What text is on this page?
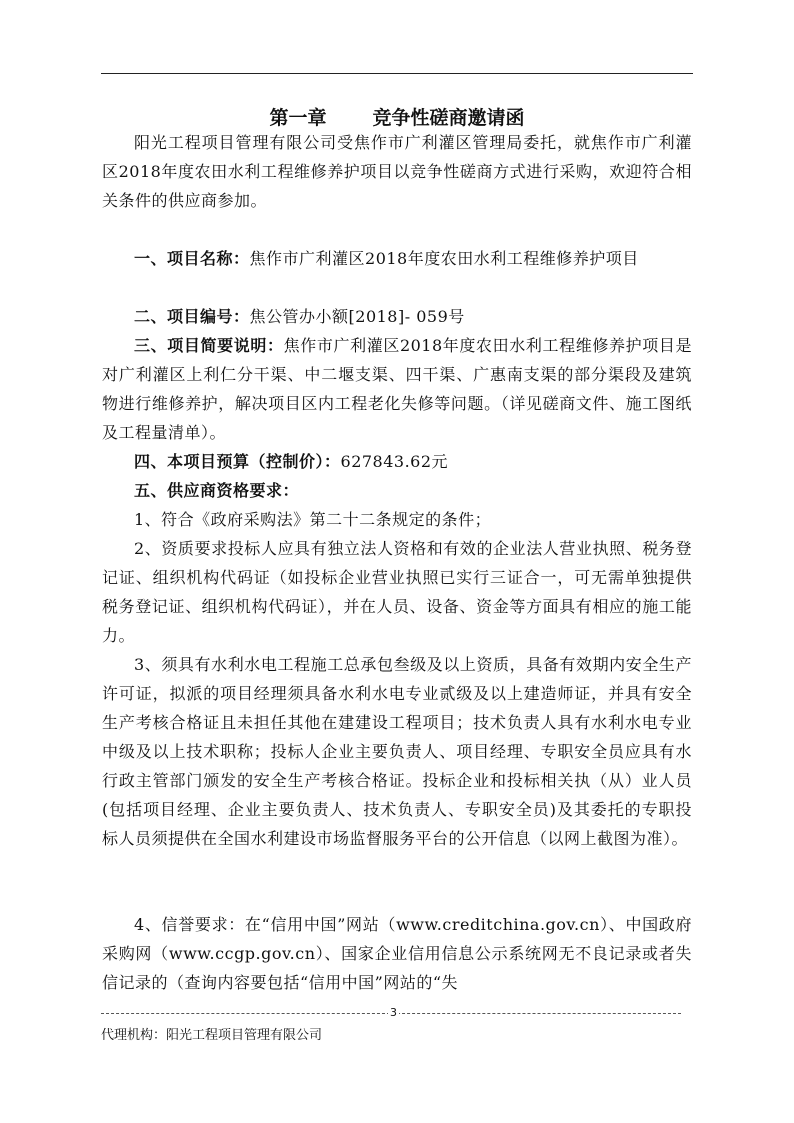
第一章 竞争性磋商邀请函

阳光工程项目管理有限公司受焦作市广利灌区管理局委托，就焦作市广利灌区2018年度农田水利工程维修养护项目以竞争性磋商方式进行采购，欢迎符合相关条件的供应商参加。

一、项目名称：焦作市广利灌区2018年度农田水利工程维修养护项目

二、项目编号：焦公管办小额[2018]- 059号

三、项目简要说明：焦作市广利灌区2018年度农田水利工程维修养护项目是对广利灌区上利仁分干渠、中二堰支渠、四干渠、广惠南支渠的部分渠段及建筑物进行维修养护，解决项目区内工程老化失修等问题。（详见磋商文件、施工图纸及工程量清单）。

四、本项目预算（控制价）：627843.62元

五、供应商资格要求：

1、符合《政府采购法》第二十二条规定的条件；

2、资质要求投标人应具有独立法人资格和有效的企业法人营业执照、税务登记证、组织机构代码证（如投标企业营业执照已实行三证合一，可无需单独提供税务登记证、组织机构代码证），并在人员、设备、资金等方面具有相应的施工能力。

3、须具有水利水电工程施工总承包叁级及以上资质，具备有效期内安全生产许可证，拟派的项目经理须具备水利水电专业贰级及以上建造师证，并具有安全生产考核合格证且未担任其他在建建设工程项目；技术负责人具有水利水电专业中级及以上技术职称；投标人企业主要负责人、项目经理、专职安全员应具有水行政主管部门颁发的安全生产考核合格证。投标企业和投标相关执（从）业人员(包括项目经理、企业主要负责人、技术负责人、专职安全员)及其委托的专职投标人员须提供在全国水利建设市场监督服务平台的公开信息（以网上截图为准）。

4、信誉要求：在“信用中国”网站（www.creditchina.gov.cn）、中国政府采购网（www.ccgp.gov.cn）、国家企业信用信息公示系统网无不良记录或者失信记录的（查询内容要包括“信用中国”网站的“失

3
代理机构：阳光工程项目管理有限公司
